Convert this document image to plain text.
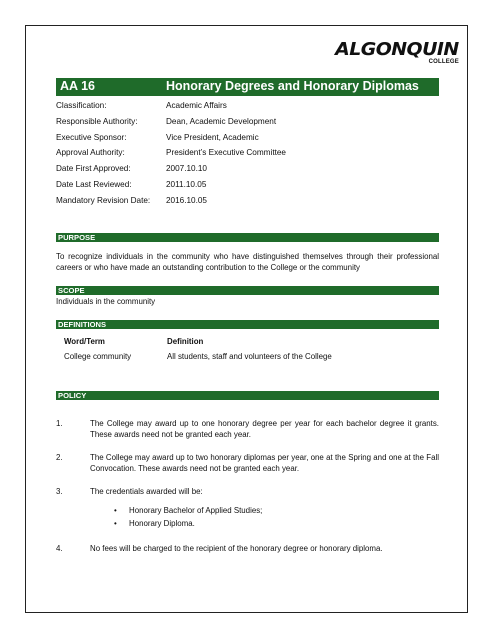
ALGONQUIN
COLLEGE
AA 16	Honorary Degrees and Honorary Diplomas
Classification:	Academic Affairs
Responsible Authority:	Dean, Academic Development
Executive Sponsor:	Vice President, Academic
Approval Authority:	President’s Executive Committee
Date First Approved:	2007.10.10
Date Last Reviewed:	2011.10.05
Mandatory Revision Date: 2016.10.05
PURPOSE
To recognize individuals in the community who have distinguished themselves through their professional careers or who have made an outstanding contribution to the College or the community
SCOPE
Individuals in the community
DEFINITIONS
Word/Term	Definition
College community	All students, staff and volunteers of the College
POLICY
1.	The College may award up to one honorary degree per year for each bachelor degree it grants. These awards need not be granted each year.
2.	The College may award up to two honorary diplomas per year, one at the Spring and one at the Fall Convocation. These awards need not be granted each year.
3.	The credentials awarded will be:
• Honorary Bachelor of Applied Studies;
• Honorary Diploma.
4.	No fees will be charged to the recipient of the honorary degree or honorary diploma.
